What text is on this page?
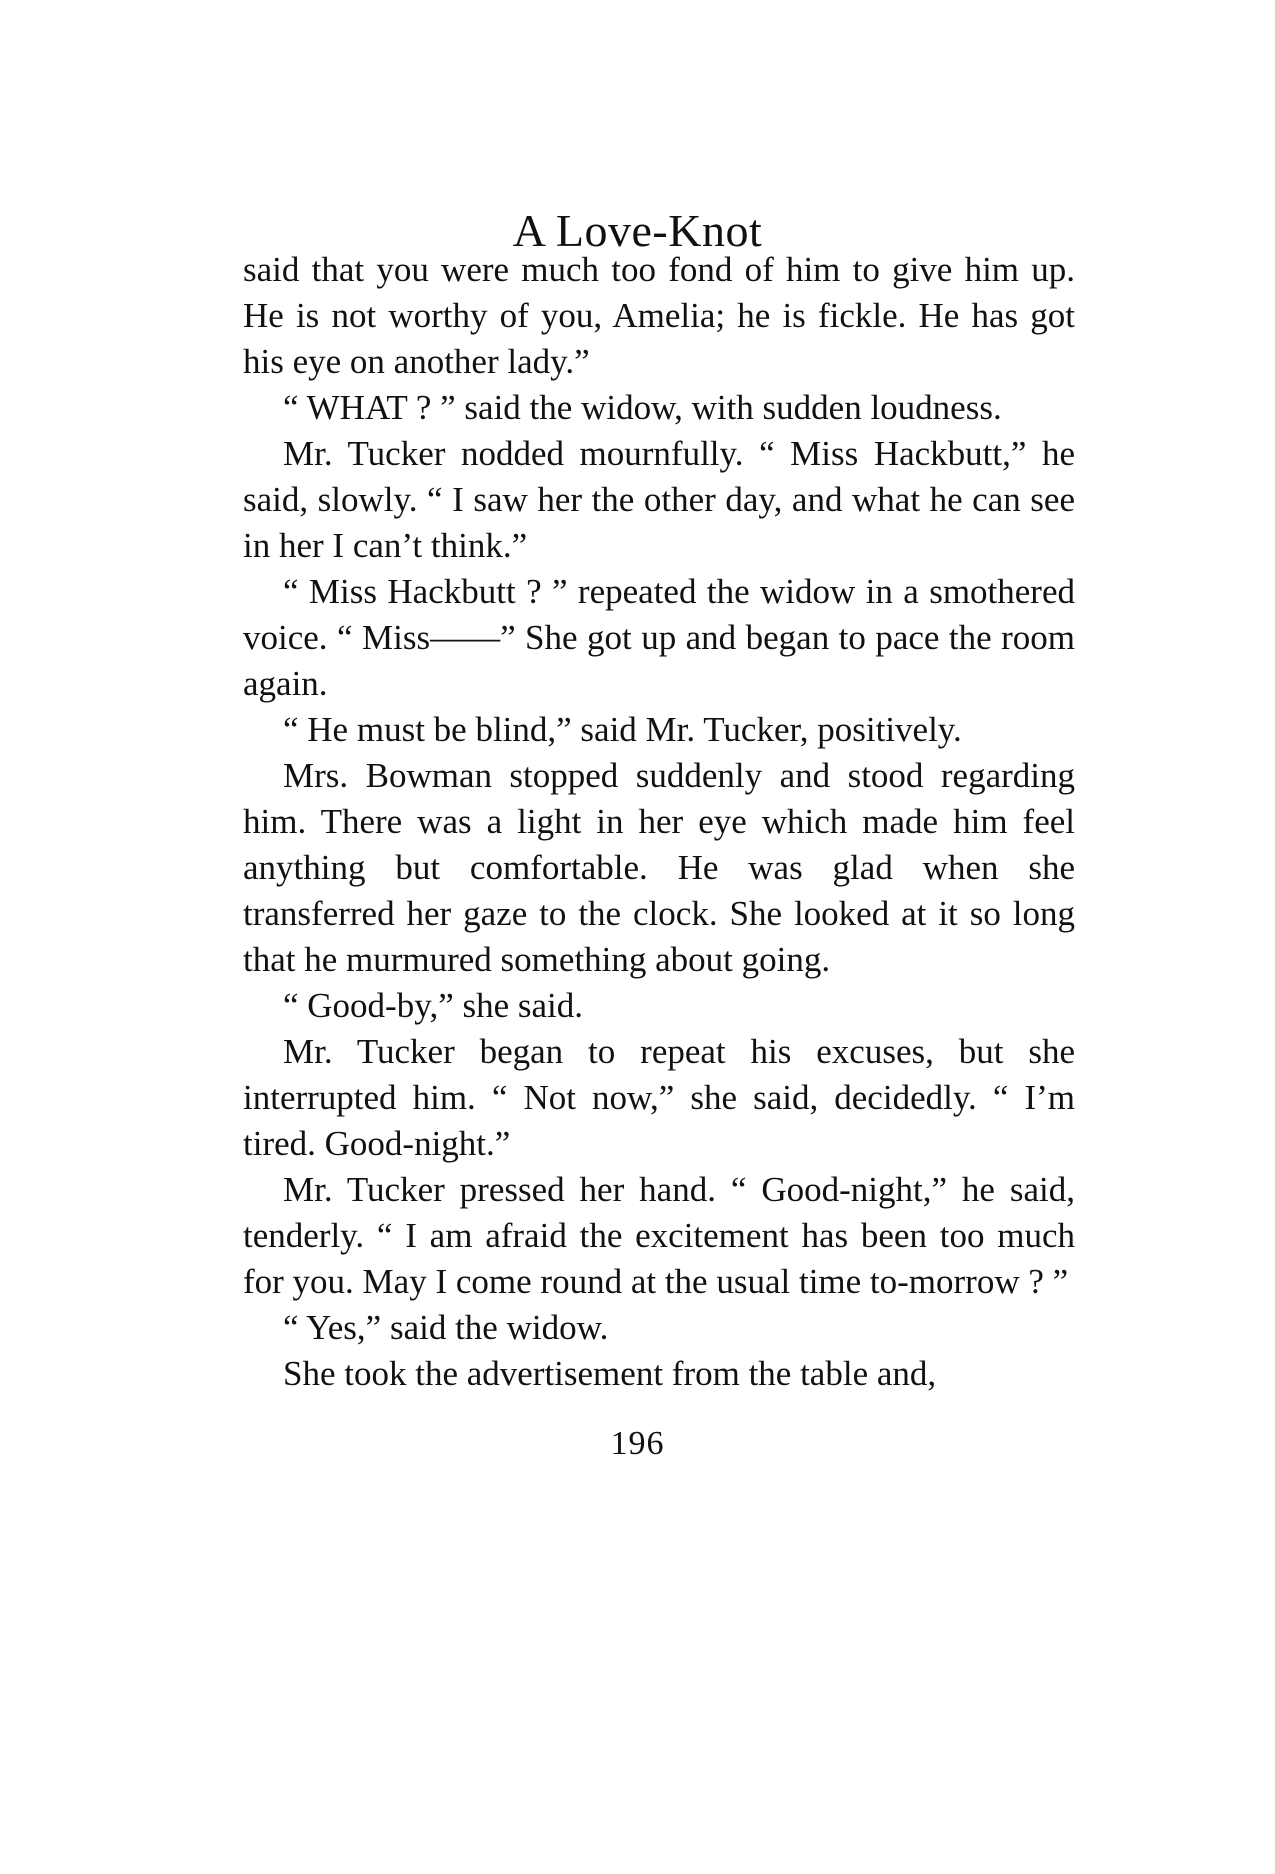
A Love-Knot

said that you were much too fond of him to give him up. He is not worthy of you, Amelia; he is fickle. He has got his eye on another lady.”

“ WHAT ? ” said the widow, with sudden loudness.

Mr. Tucker nodded mournfully. “ Miss Hackbutt,” he said, slowly. “ I saw her the other day, and what he can see in her I can’t think.”

“ Miss Hackbutt ? ” repeated the widow in a smothered voice. “ Miss——” She got up and began to pace the room again.

“ He must be blind,” said Mr. Tucker, positively.

Mrs. Bowman stopped suddenly and stood regarding him. There was a light in her eye which made him feel anything but comfortable. He was glad when she transferred her gaze to the clock. She looked at it so long that he murmured something about going.

“ Good-by,” she said.

Mr. Tucker began to repeat his excuses, but she interrupted him. “ Not now,” she said, decidedly. “ I’m tired. Good-night.”

Mr. Tucker pressed her hand. “ Good-night,” he said, tenderly. “ I am afraid the excitement has been too much for you. May I come round at the usual time to-morrow ? ”

“ Yes,” said the widow.

She took the advertisement from the table and,

196
